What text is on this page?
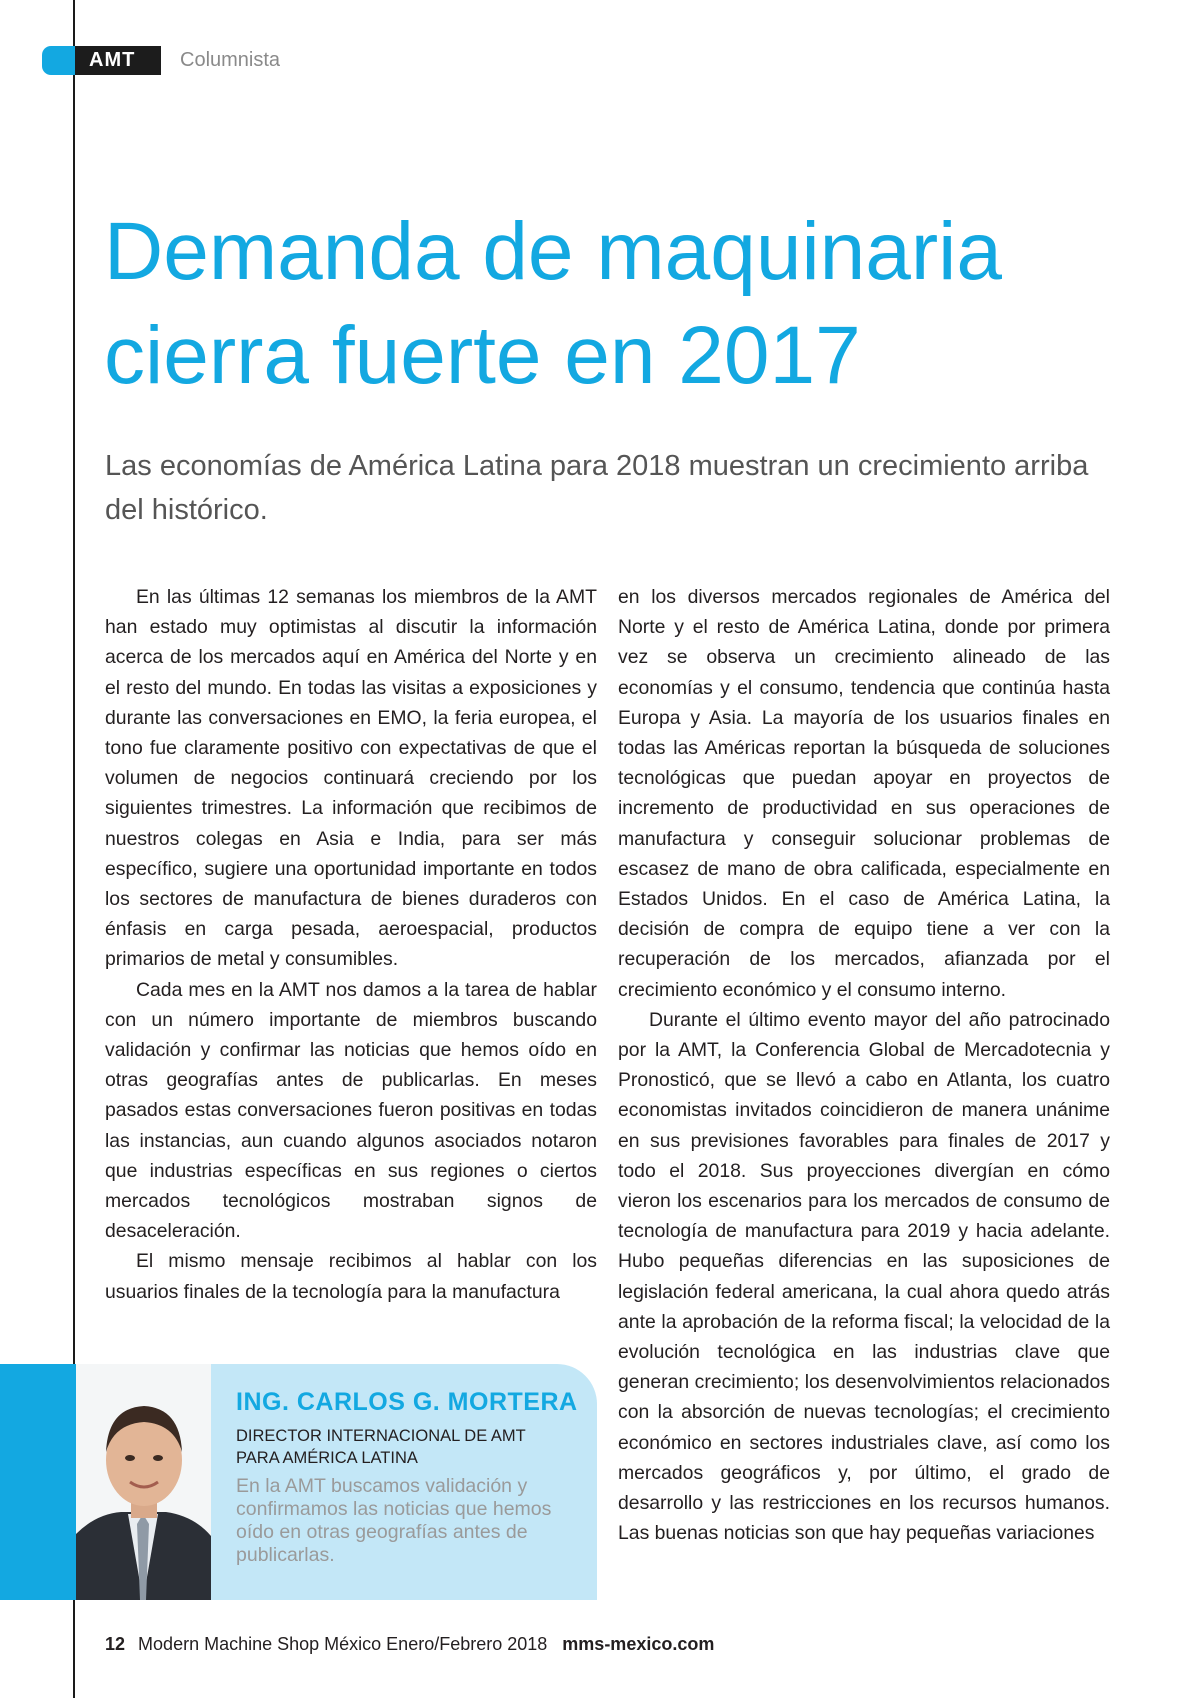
AMT	Columnista
Demanda de maquinaria
cierra fuerte en 2017

Las economías de América Latina para 2018 muestran un crecimiento arriba del histórico.

En las últimas 12 semanas los miembros de la AMT han estado muy optimistas al discutir la información acerca de los mercados aquí en América del Norte y en el resto del mundo. En todas las visitas a exposiciones y durante las conversaciones en EMO, la feria europea, el tono fue claramente positivo con expectativas de que el volumen de negocios continuará creciendo por los siguientes trimestres. La información que recibimos de nuestros colegas en Asia e India, para ser más específico, sugiere una oportunidad importante en todos los sectores de manufactura de bienes duraderos con énfasis en carga pesada, aeroespacial, productos primarios de metal y consumibles.

Cada mes en la AMT nos damos a la tarea de hablar con un número importante de miembros buscando validación y confirmar las noticias que hemos oído en otras geografías antes de publicarlas. En meses pasados estas conversaciones fueron positivas en todas las instancias, aun cuando algunos asociados notaron que industrias específicas en sus regiones o ciertos mercados tecnológicos mostraban signos de desaceleración.

El mismo mensaje recibimos al hablar con los usuarios finales de la tecnología para la manufactura

en los diversos mercados regionales de América del Norte y el resto de América Latina, donde por primera vez se observa un crecimiento alineado de las economías y el consumo, tendencia que continúa hasta Europa y Asia. La mayoría de los usuarios finales en todas las Américas reportan la búsqueda de soluciones tecnológicas que puedan apoyar en proyectos de incremento de productividad en sus operaciones de manufactura y conseguir solucionar problemas de escasez de mano de obra calificada, especialmente en Estados Unidos. En el caso de América Latina, la decisión de compra de equipo tiene a ver con la recuperación de los mercados, afianzada por el crecimiento económico y el consumo interno.

Durante el último evento mayor del año patrocinado por la AMT, la Conferencia Global de Mercadotecnia y Pronosticó, que se llevó a cabo en Atlanta, los cuatro economistas invitados coincidieron de manera unánime en sus previsiones favorables para finales de 2017 y todo el 2018. Sus proyecciones divergían en cómo vieron los escenarios para los mercados de consumo de tecnología de manufactura para 2019 y hacia adelante. Hubo pequeñas diferencias en las suposiciones de legislación federal americana, la cual ahora quedo atrás ante la aprobación de la reforma fiscal; la velocidad de la evolución tecnológica en las industrias clave que generan crecimiento; los desenvolvimientos relacionados con la absorción de nuevas tecnologías; el crecimiento económico en sectores industriales clave, así como los mercados geográficos y, por último, el grado de desarrollo y las restricciones en los recursos humanos. Las buenas noticias son que hay pequeñas variaciones

ING. CARLOS G. MORTERA

DIRECTOR INTERNACIONAL DE AMT
PARA AMÉRICA LATINA

En la AMT buscamos validación y confirmamos las noticias que hemos oído en otras geografías antes de publicarlas.

12 Modern Machine Shop México Enero/Febrero 2018 mms-mexico.com
